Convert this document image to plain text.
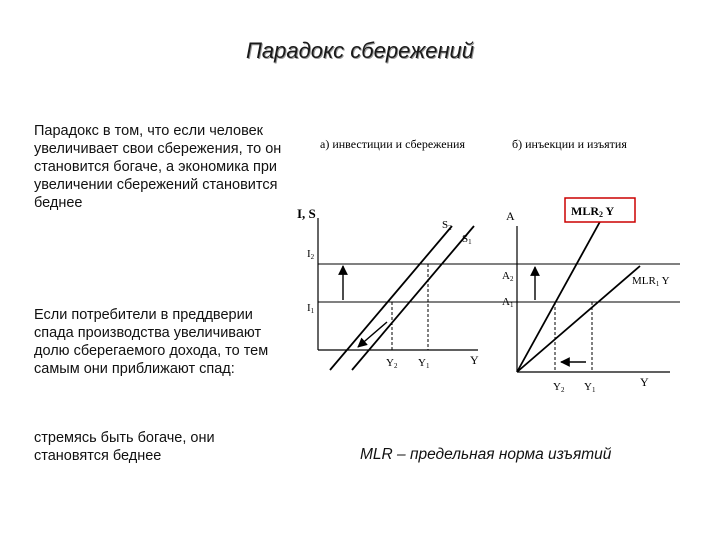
Парадокс сбережений
Парадокс в том, что если человек увеличивает свои сбережения, то он становится богаче, а экономика при увеличении сбережений становится беднее
Если потребители в преддверии спада производства увеличивают долю сберегаемого дохода, то тем самым они приближают спад:
стремясь быть богаче, они становятся беднее	MLR – предельная норма изъятий
а) инвестиции и сбережения
I, S
Y
I2
I1
S2
S1
Y2 Y1
б) инъекции и изъятия
A
Y
A2
A1
MLR2 Y
MLR1 Y
Y2 Y1
